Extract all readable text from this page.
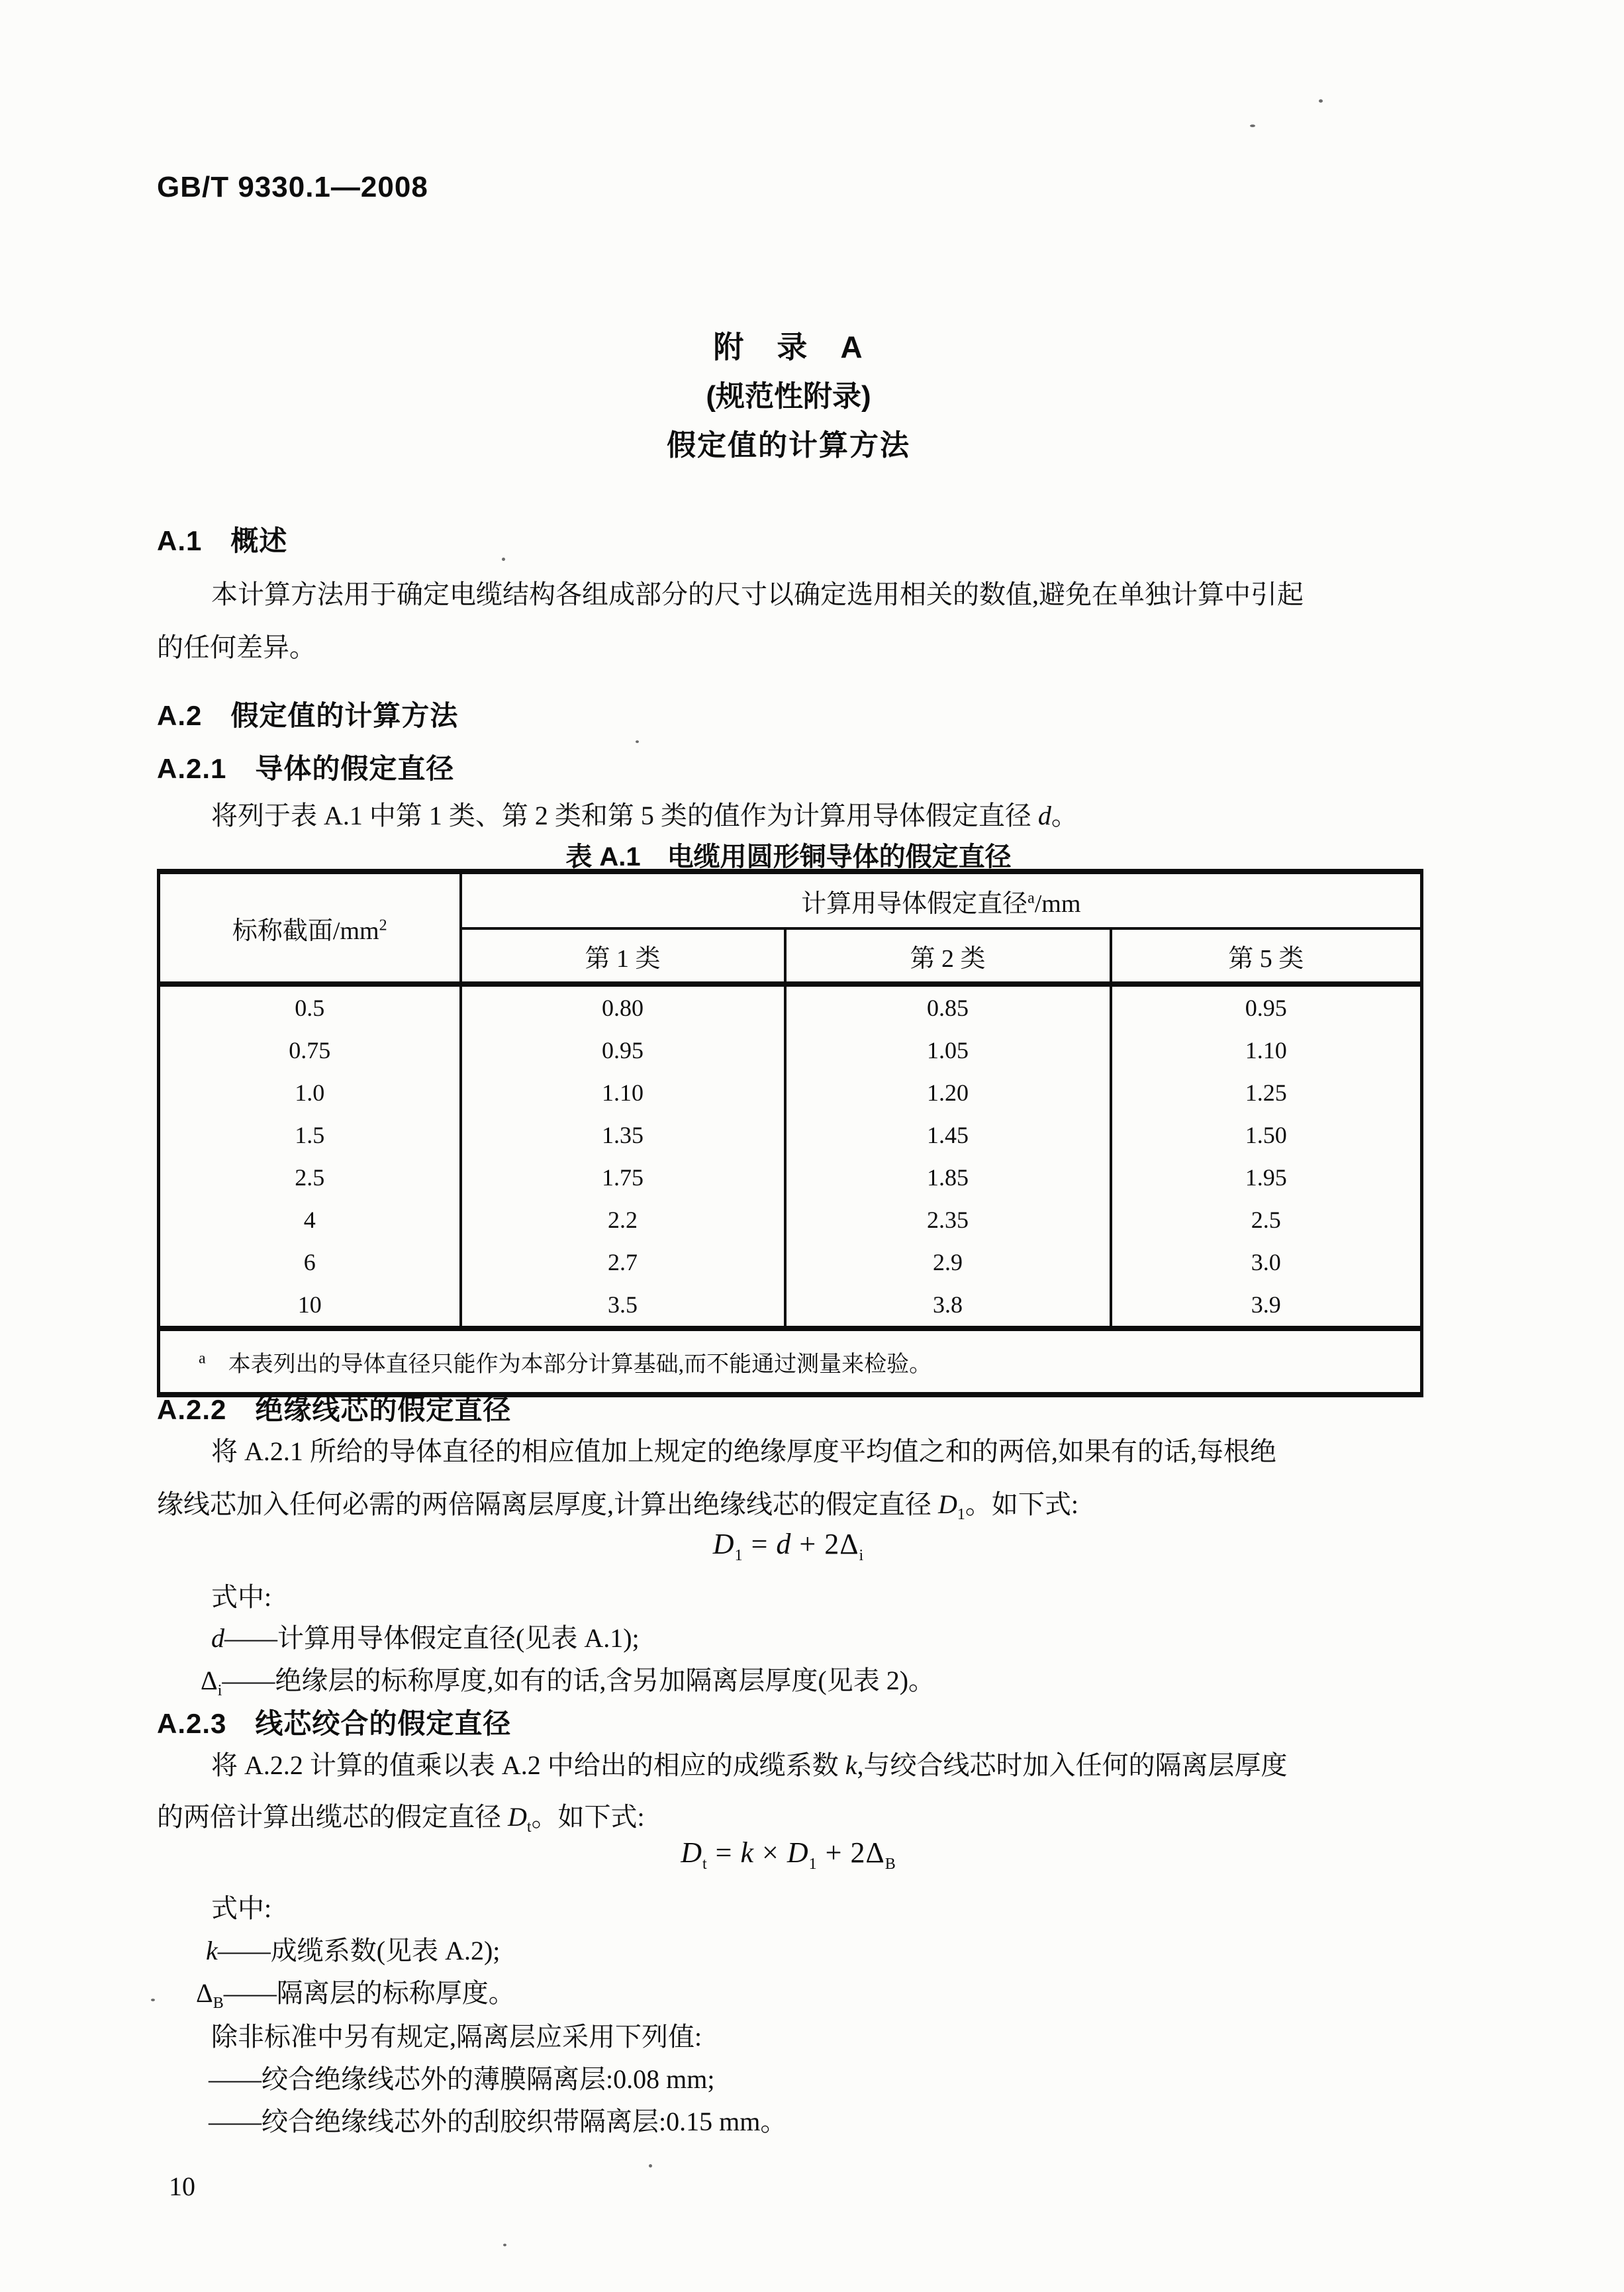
GB/T 9330.1—2008
附　录　A
(规范性附录)
假定值的计算方法
A.1　概述
本计算方法用于确定电缆结构各组成部分的尺寸以确定选用相关的数值,避免在单独计算中引起
的任何差异。
A.2　假定值的计算方法
A.2.1　导体的假定直径
将列于表 A.1 中第 1 类、第 2 类和第 5 类的值作为计算用导体假定直径 d。
表 A.1　电缆用圆形铜导体的假定直径
标称截面$/mm^2$	计算用导体假定直径$^a$/mm		
	第 1 类	第 2 类	第 5 类
0.5	0.80	0.85	0.95
0.75	0.95	1.05	1.10
1.0	1.10	1.20	1.25
1.5	1.35	1.45	1.50
2.5	1.75	1.85	1.95
4	2.2	2.35	2.5
6	2.7	2.9	3.0
10	3.5	3.8	3.9
$^a$　本表列出的导体直径只能作为本部分计算基础,而不能通过测量来检验。			
A.2.2　绝缘线芯的假定直径
将 A.2.1 所给的导体直径的相应值加上规定的绝缘厚度平均值之和的两倍,如果有的话,每根绝
缘线芯加入任何必需的两倍隔离层厚度,计算出绝缘线芯的假定直径 $D_1$。如下式:
$D_1 = d + 2\Delta_i$
式中:
d——计算用导体假定直径(见表 A.1);
$\Delta_i——$绝缘层的标称厚度,如有的话,含另加隔离层厚度(见表 2)。
A.2.3　线芯绞合的假定直径
将 A.2.2 计算的值乘以表 A.2 中给出的相应的成缆系数 k,与绞合线芯时加入任何的隔离层厚度
的两倍计算出缆芯的假定直径 $D_t$。如下式:
$D_t = k \times D_1 + 2\Delta_B$
式中:
k——成缆系数(见表 A.2);
$\Delta_B——$隔离层的标称厚度。
除非标准中另有规定,隔离层应采用下列值:
——绞合绝缘线芯外的薄膜隔离层:0.08 mm;
——绞合绝缘线芯外的刮胶织带隔离层:0.15 mm。
10
